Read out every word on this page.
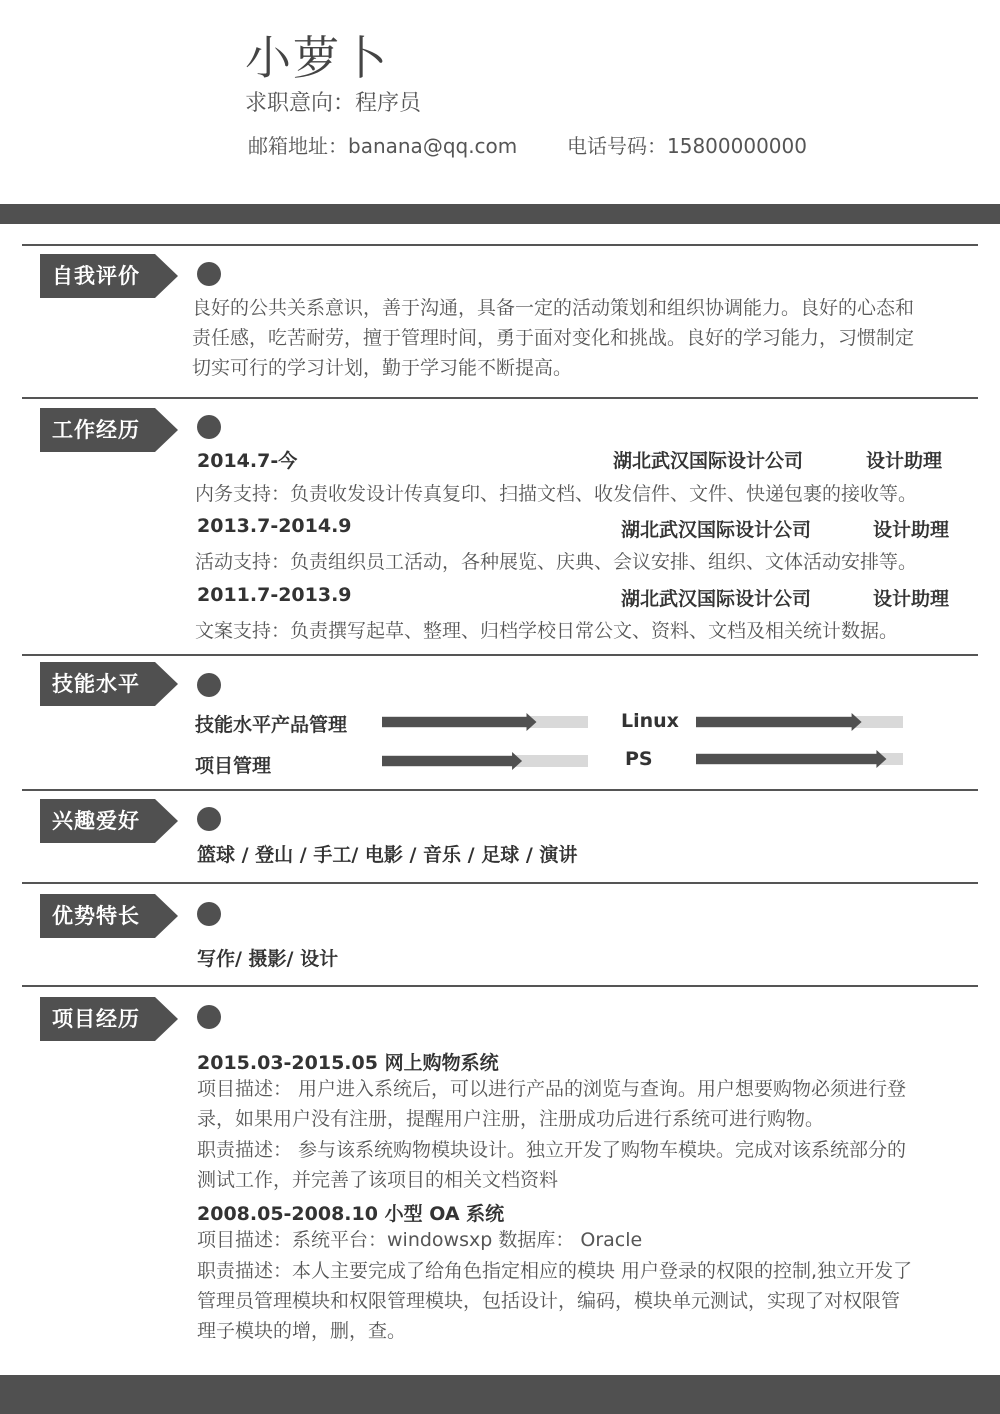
小萝卜
求职意向：程序员
邮箱地址：banana@qq.com 电话号码：15800000000
自我评价

良好的公共关系意识，善于沟通，具备一定的活动策划和组织协调能力。良好的心态和

责任感，吃苦耐劳，擅于管理时间，勇于面对变化和挑战。良好的学习能力，习惯制定

切实可行的学习计划，勤于学习能不断提高。

工作经历
2014.7-今	湖北武汉国际设计公司	设计助理
内务支持：负责收发设计传真复印、扫描文档、收发信件、文件、快递包裹的接收等。
2013.7-2014.9	湖北武汉国际设计公司	设计助理
活动支持：负责组织员工活动，各种展览、庆典、会议安排、组织、文体活动安排等。
2011.7-2013.9	湖北武汉国际设计公司	设计助理
文案支持：负责撰写起草、整理、归档学校日常公文、资料、文档及相关统计数据。
技能水平
技能水平产品管理	Linux
项目管理	PS
兴趣爱好
篮球 / 登山 / 手工/ 电影 / 音乐 / 足球 / 演讲
优势特长
写作/ 摄影/ 设计
项目经历
2015.03-2015.05 网上购物系统
项目描述： 用户进入系统后，可以进行产品的浏览与查询。用户想要购物必须进行登
录，如果用户没有注册，提醒用户注册，注册成功后进行系统可进行购物。
职责描述： 参与该系统购物模块设计。独立开发了购物车模块。完成对该系统部分的
测试工作，并完善了该项目的相关文档资料
2008.05-2008.10 小型 OA 系统
项目描述：系统平台：windowsxp 数据库： Oracle
职责描述：本人主要完成了给角色指定相应的模块 用户登录的权限的控制,独立开发了
管理员管理模块和权限管理模块，包括设计，编码，模块单元测试，实现了对权限管
理子模块的增，删，查。
